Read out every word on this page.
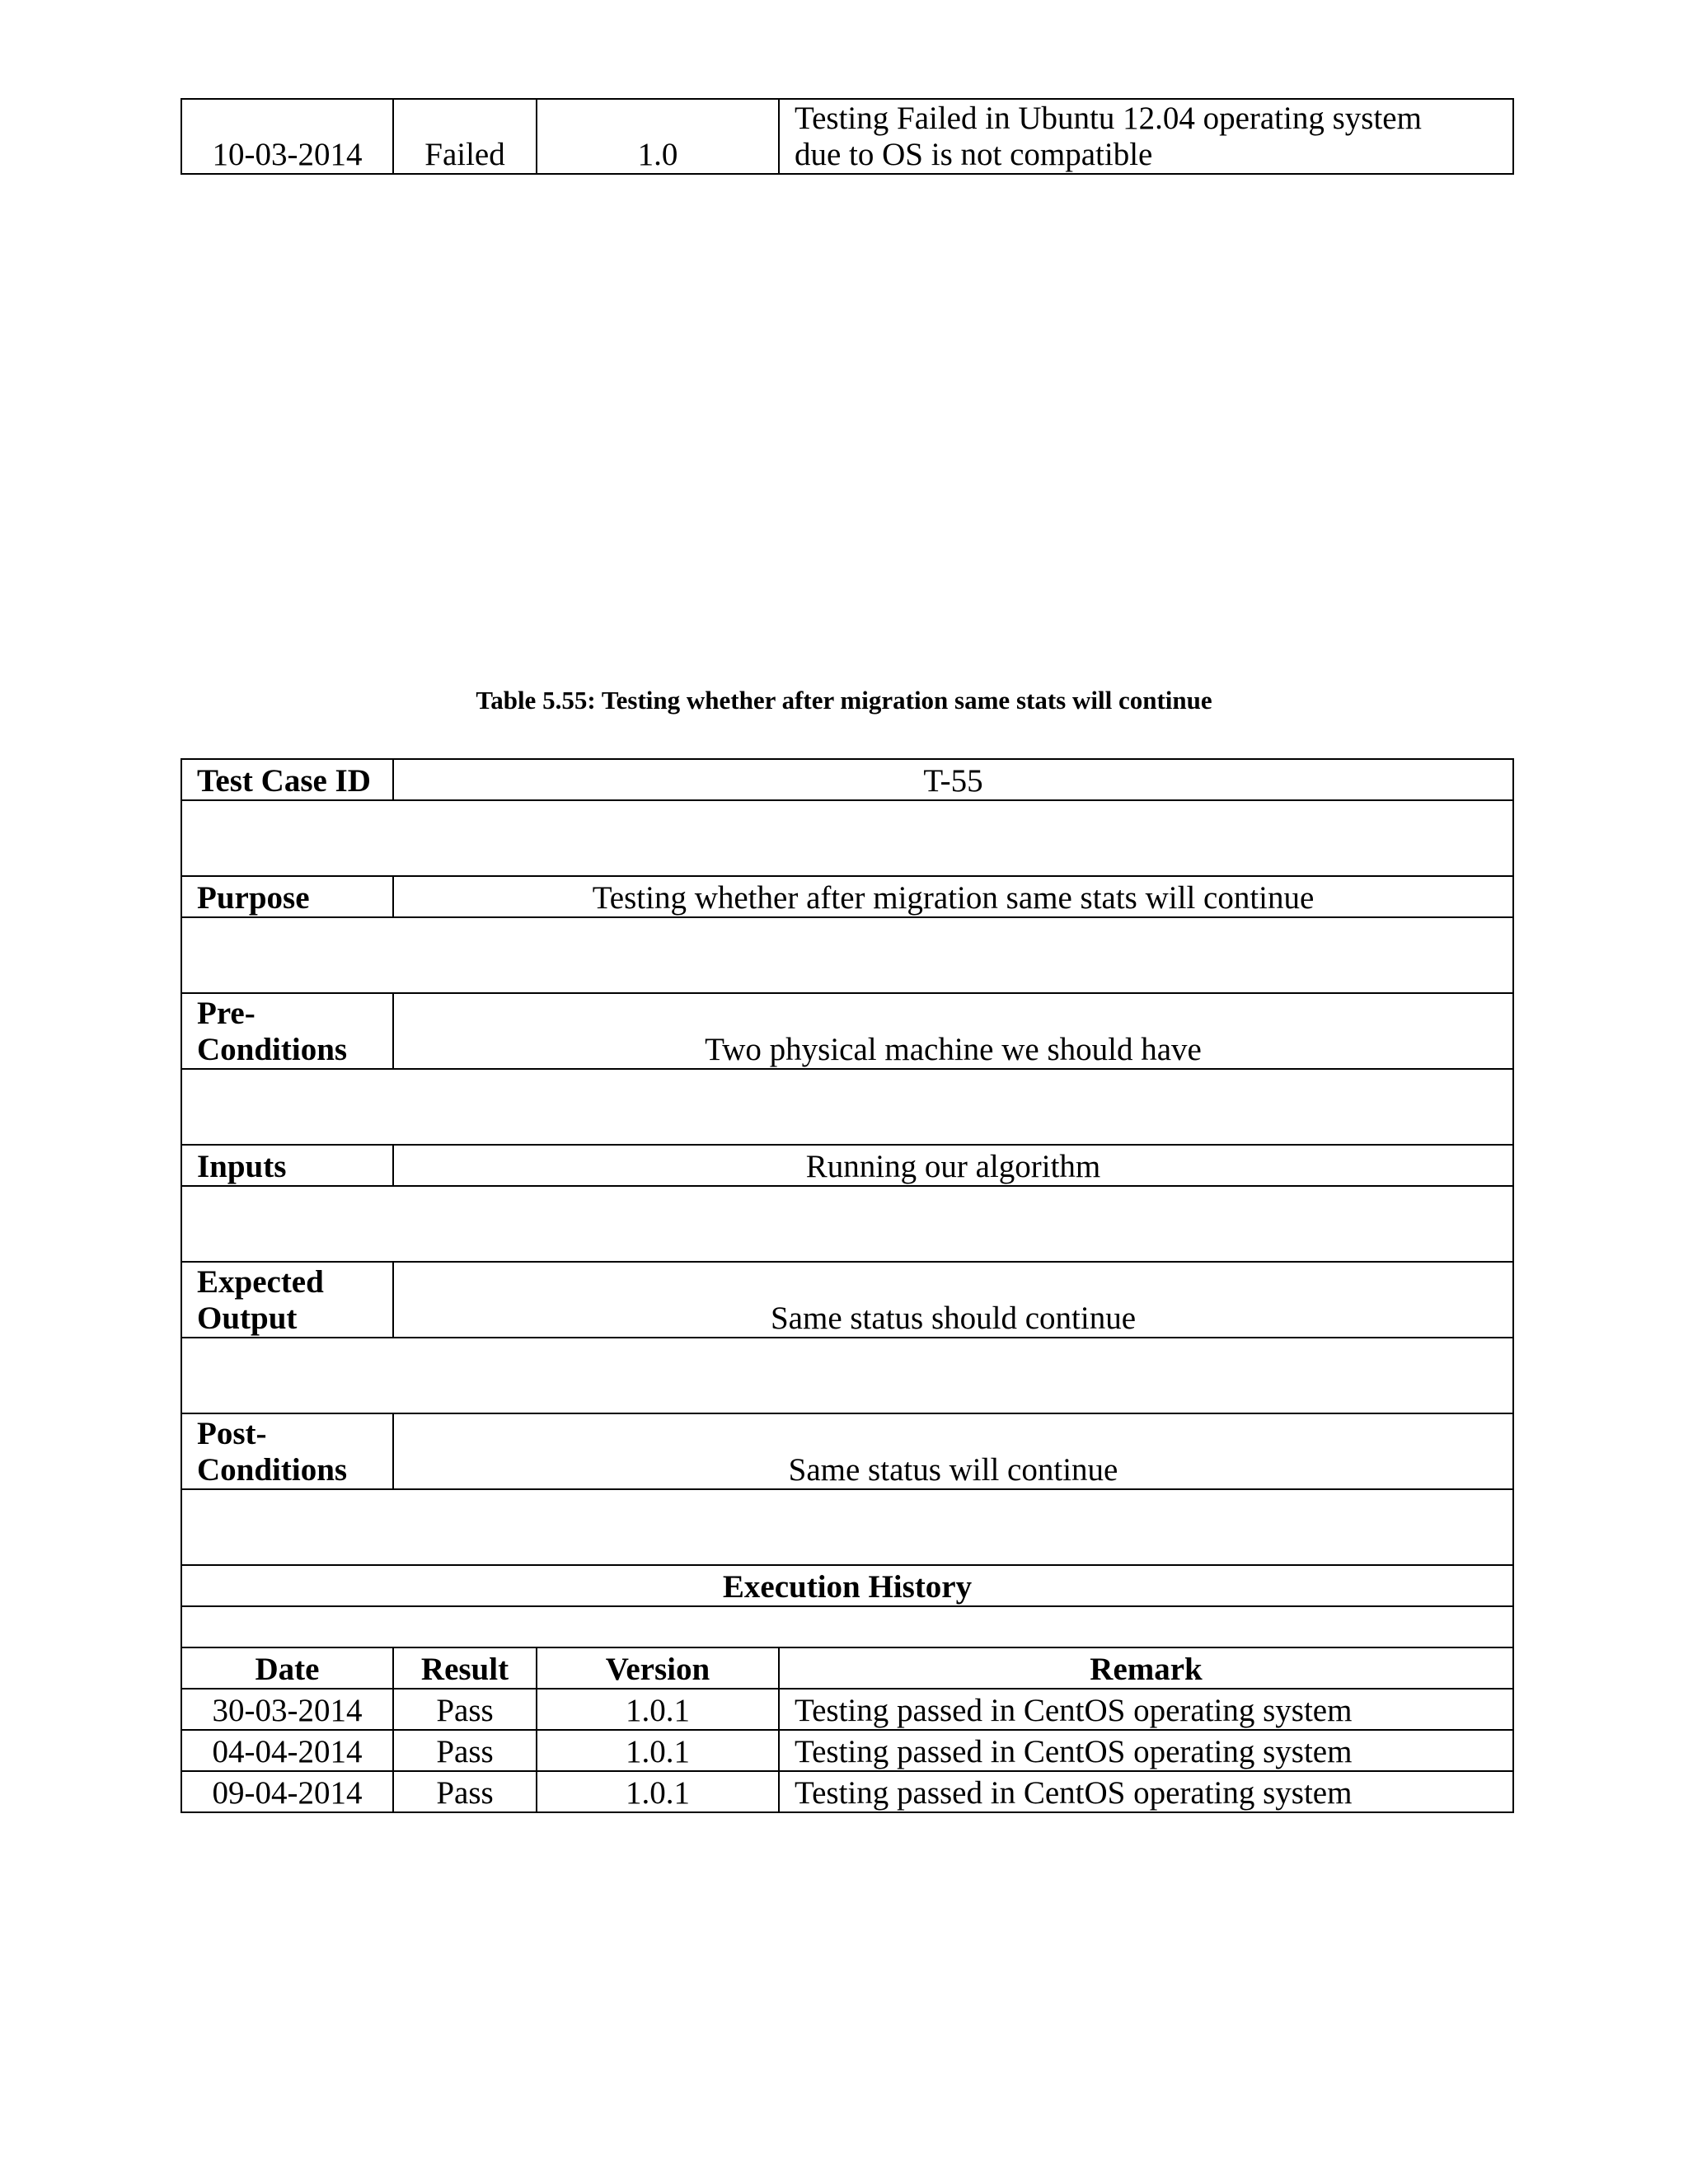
10-03-2014	Failed	1.0	Testing Failed in Ubuntu 12.04 operating system
due to OS is not compatible
Table 5.55: Testing whether after migration same stats will continue
Test Case ID	T-55		

Purpose	Testing whether after migration same stats will continue		

Pre-
Conditions	Two physical machine we should have		

Inputs	Running our algorithm		

Expected
Output	Same status should continue		

Post-
Conditions	Same status will continue		

Execution History			

Date	Result	Version	Remark
30-03-2014	Pass	1.0.1	Testing passed in CentOS operating system
04-04-2014	Pass	1.0.1	Testing passed in CentOS operating system
09-04-2014	Pass	1.0.1	Testing passed in CentOS operating system
